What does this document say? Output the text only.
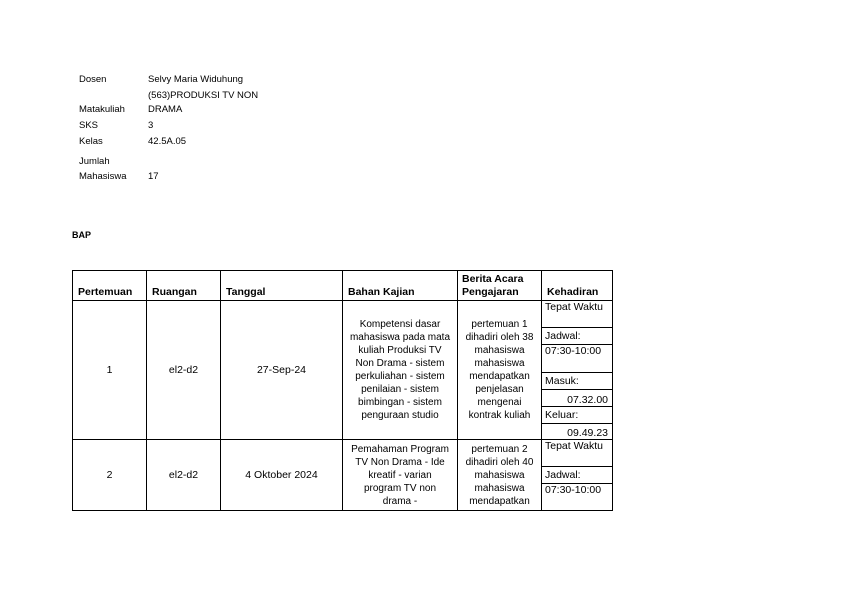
Dosen	Selvy Maria Widuhung
(563)PRODUKSI TV NON
Matakuliah	DRAMA
SKS	3
Kelas	42.5A.05
Jumlah
Mahasiswa	17
BAP
Pertemuan	Ruangan	Tanggal	Bahan Kajian	Berita Acara Pengajaran	Kehadiran
1	el2-d2	27-Sep-24	Kompetensi dasar mahasiswa pada mata kuliah Produksi TV Non Drama - sistem perkuliahan - sistem penilaian - sistem bimbingan - sistem penguraan studio	pertemuan 1 dihadiri oleh 38 mahasiswa mahasiswa mendapatkan penjelasan mengenai kontrak kuliah	Tepat Waktu
					Jadwal:
					07:30-10:00
					Masuk:
					07.32.00
					Keluar:
					09.49.23

2	el2-d2	4 Oktober 2024	Pemahaman Program TV Non Drama - Ide kreatif - varian program TV non drama -	pertemuan 2 dihadiri oleh 40 mahasiswa mahasiswa mendapatkan	Tepat Waktu
					Jadwal:
					07:30-10:00
